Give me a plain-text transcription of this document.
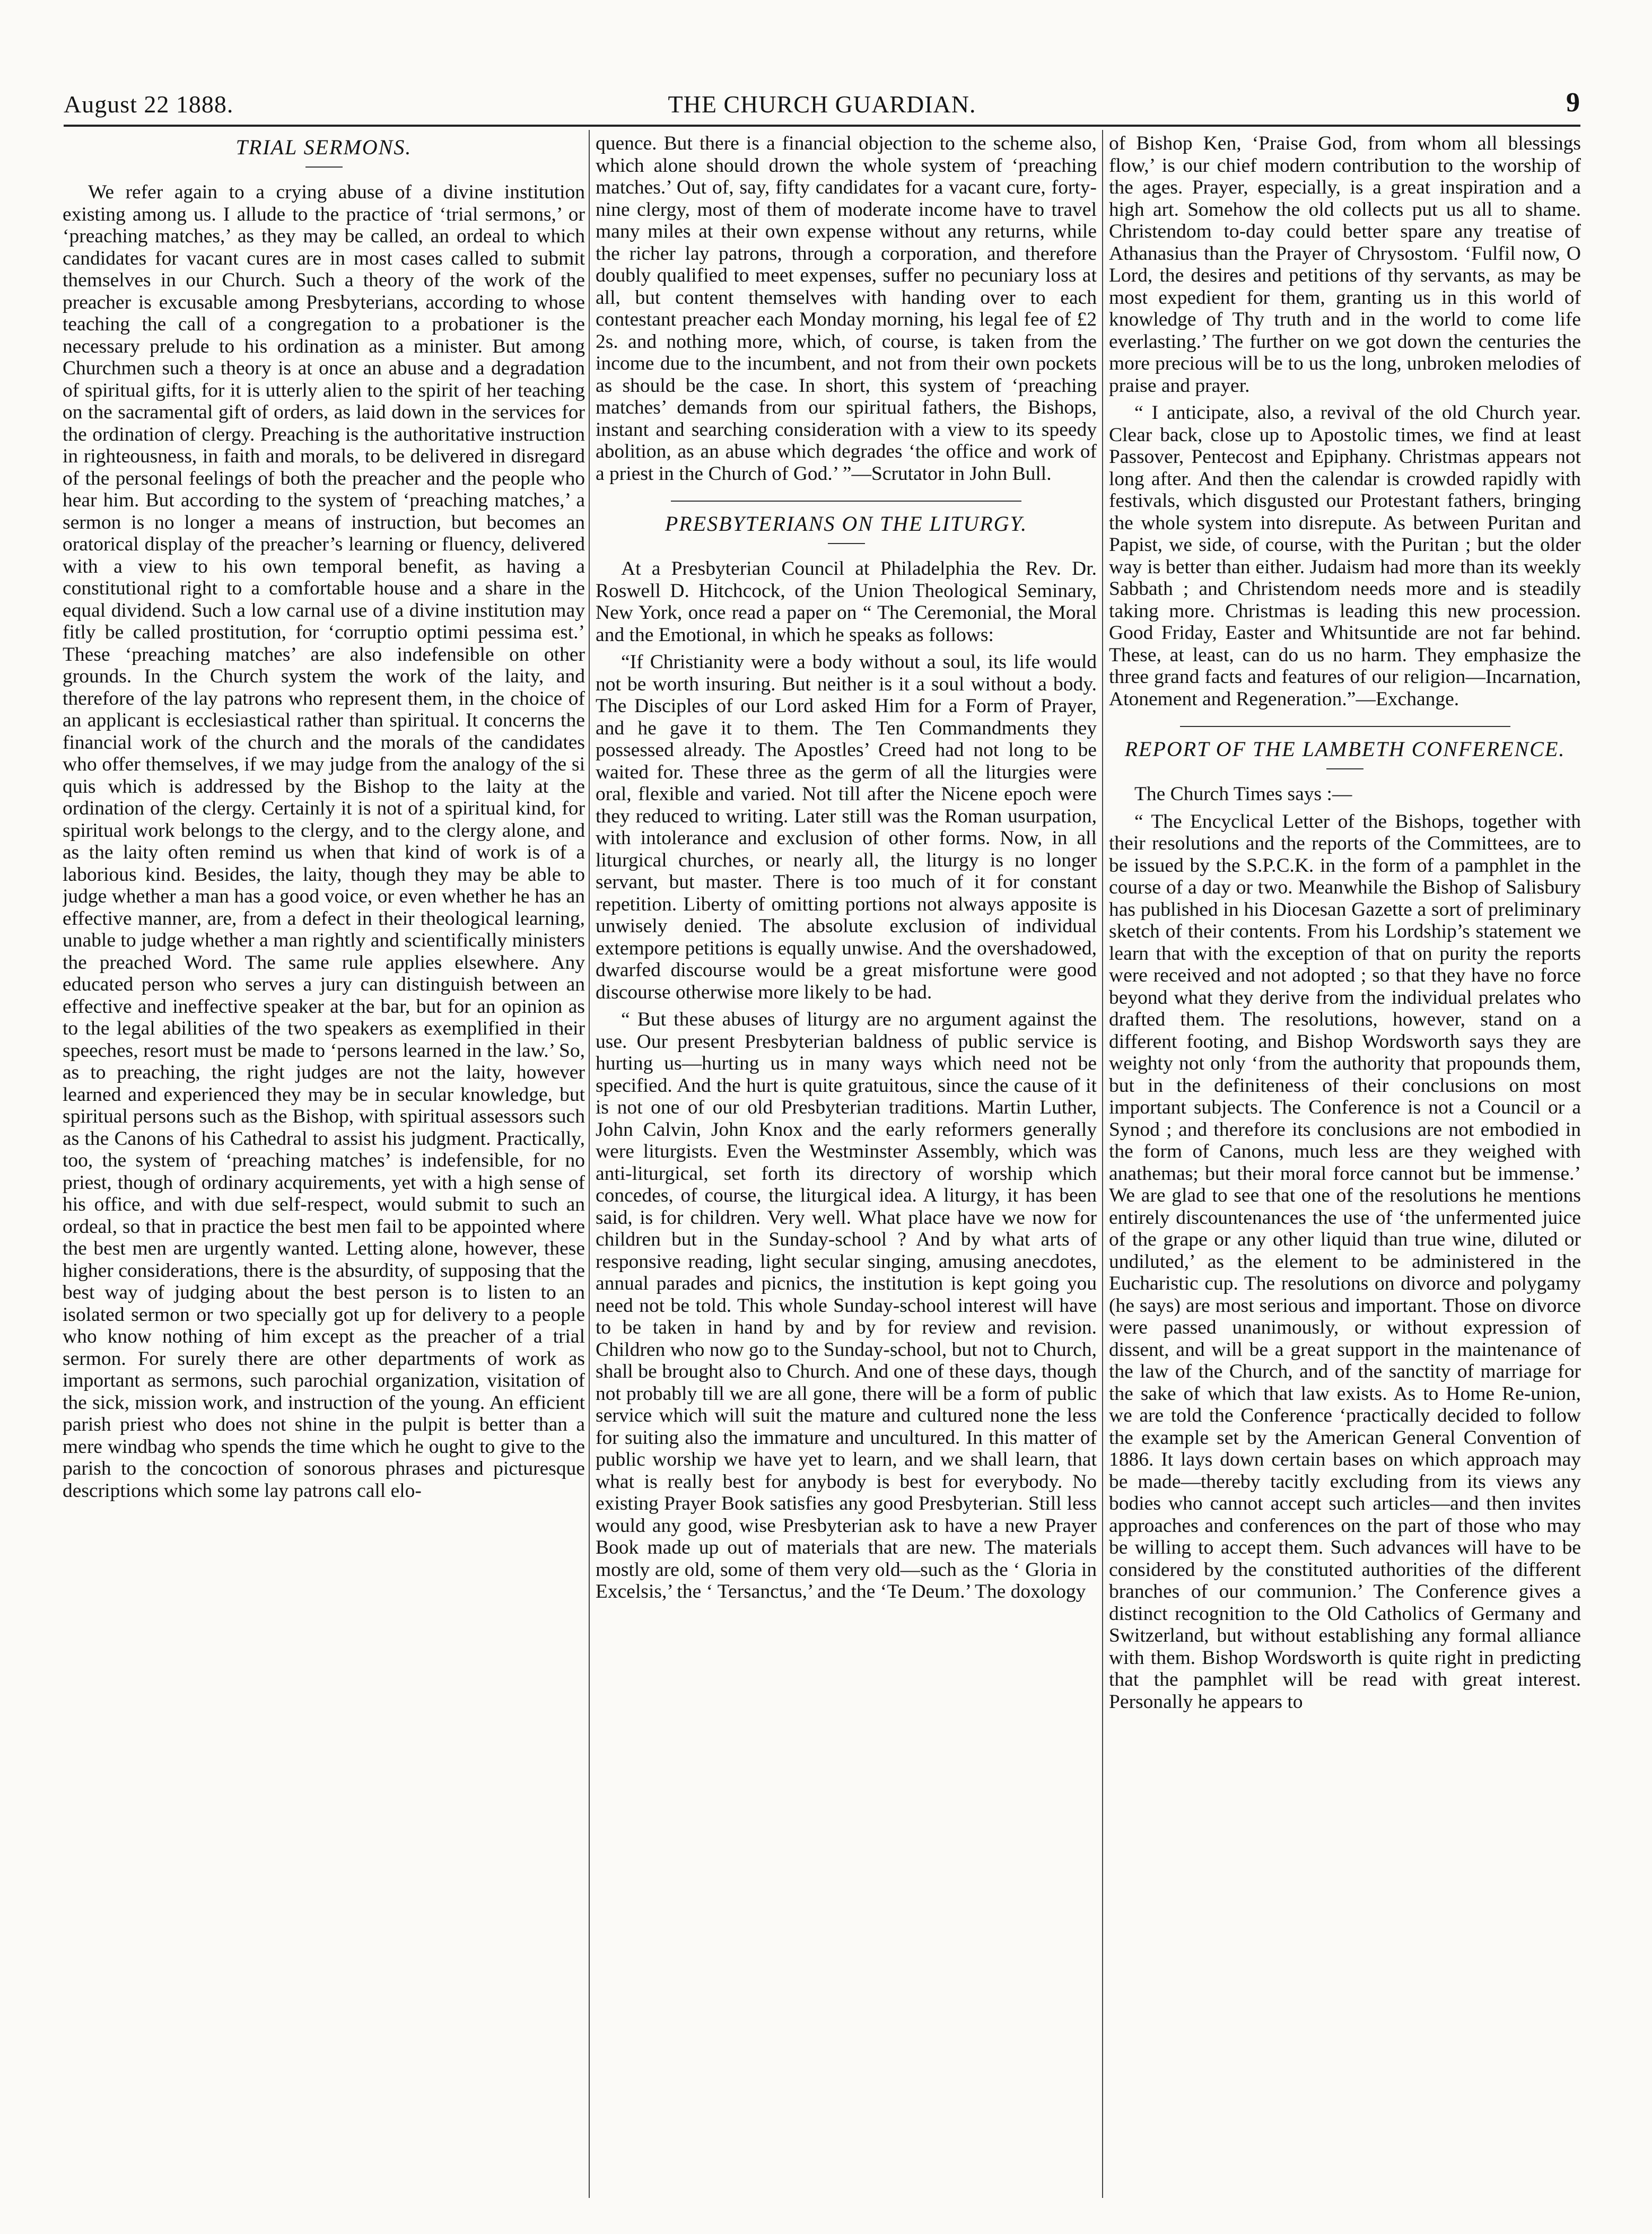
August 22 1888.	THE CHURCH GUARDIAN.	9
TRIAL SERMONS.

We refer again to a crying abuse of a divine institution existing among us. I allude to the practice of ‘trial sermons,’ or ‘preaching matches,’ as they may be called, an ordeal to which candidates for vacant cures are in most cases called to submit themselves in our Church. Such a theory of the work of the preacher is excusable among Presbyterians, according to whose teaching the call of a congregation to a probationer is the necessary prelude to his ordination as a minister. But among Churchmen such a theory is at once an abuse and a degradation of spiritual gifts, for it is utterly alien to the spirit of her teaching on the sacramental gift of orders, as laid down in the services for the ordination of clergy. Preaching is the authoritative instruction in righteousness, in faith and morals, to be delivered in disregard of the personal feelings of both the preacher and the people who hear him. But according to the system of ‘preaching matches,’ a sermon is no longer a means of instruction, but becomes an oratorical display of the preacher’s learning or fluency, delivered with a view to his own temporal benefit, as having a constitutional right to a comfortable house and a share in the equal dividend. Such a low carnal use of a divine institution may fitly be called prostitution, for ‘corruptio optimi pessima est.’ These ‘preaching matches’ are also indefensible on other grounds. In the Church system the work of the laity, and therefore of the lay patrons who represent them, in the choice of an applicant is ecclesiastical rather than spiritual. It concerns the financial work of the church and the morals of the candidates who offer themselves, if we may judge from the analogy of the si quis which is addressed by the Bishop to the laity at the ordination of the clergy. Certainly it is not of a spiritual kind, for spiritual work belongs to the clergy, and to the clergy alone, and as the laity often remind us when that kind of work is of a laborious kind. Besides, the laity, though they may be able to judge whether a man has a good voice, or even whether he has an effective manner, are, from a defect in their theological learning, unable to judge whether a man rightly and scientifically ministers the preached Word. The same rule applies elsewhere. Any educated person who serves a jury can distinguish between an effective and ineffective speaker at the bar, but for an opinion as to the legal abilities of the two speakers as exemplified in their speeches, resort must be made to ‘persons learned in the law.’ So, as to preaching, the right judges are not the laity, however learned and experienced they may be in secular knowledge, but spiritual persons such as the Bishop, with spiritual assessors such as the Canons of his Cathedral to assist his judgment. Practically, too, the system of ‘preaching matches’ is indefensible, for no priest, though of ordinary acquirements, yet with a high sense of his office, and with due self-respect, would submit to such an ordeal, so that in practice the best men fail to be appointed where the best men are urgently wanted. Letting alone, however, these higher considerations, there is the absurdity, of supposing that the best way of judging about the best person is to listen to an isolated sermon or two specially got up for delivery to a people who know nothing of him except as the preacher of a trial sermon. For surely there are other departments of work as important as sermons, such parochial organization, visitation of the sick, mission work, and instruction of the young. An efficient parish priest who does not shine in the pulpit is better than a mere windbag who spends the time which he ought to give to the parish to the concoction of sonorous phrases and picturesque descriptions which some lay patrons call elo-

quence. But there is a financial objection to the scheme also, which alone should drown the whole system of ‘preaching matches.’ Out of, say, fifty candidates for a vacant cure, forty-nine clergy, most of them of moderate income have to travel many miles at their own expense without any returns, while the richer lay patrons, through a corporation, and therefore doubly qualified to meet expenses, suffer no pecuniary loss at all, but content themselves with handing over to each contestant preacher each Monday morning, his legal fee of £2 2s. and nothing more, which, of course, is taken from the income due to the incumbent, and not from their own pockets as should be the case. In short, this system of ‘preaching matches’ demands from our spiritual fathers, the Bishops, instant and searching consideration with a view to its speedy abolition, as an abuse which degrades ‘the office and work of a priest in the Church of God.’ ”—Scrutator in John Bull.

PRESBYTERIANS ON THE LITURGY.

At a Presbyterian Council at Philadelphia the Rev. Dr. Roswell D. Hitchcock, of the Union Theological Seminary, New York, once read a paper on “ The Ceremonial, the Moral and the Emotional, in which he speaks as follows:

“If Christianity were a body without a soul, its life would not be worth insuring. But neither is it a soul without a body. The Disciples of our Lord asked Him for a Form of Prayer, and he gave it to them. The Ten Commandments they possessed already. The Apostles’ Creed had not long to be waited for. These three as the germ of all the liturgies were oral, flexible and varied. Not till after the Nicene epoch were they reduced to writing. Later still was the Roman usurpation, with intolerance and exclusion of other forms. Now, in all liturgical churches, or nearly all, the liturgy is no longer servant, but master. There is too much of it for constant repetition. Liberty of omitting portions not always apposite is unwisely denied. The absolute exclusion of individual extempore petitions is equally unwise. And the overshadowed, dwarfed discourse would be a great misfortune were good discourse otherwise more likely to be had.

“ But these abuses of liturgy are no argument against the use. Our present Presbyterian baldness of public service is hurting us—hurting us in many ways which need not be specified. And the hurt is quite gratuitous, since the cause of it is not one of our old Presbyterian traditions. Martin Luther, John Calvin, John Knox and the early reformers generally were liturgists. Even the Westminster Assembly, which was anti-liturgical, set forth its directory of worship which concedes, of course, the liturgical idea. A liturgy, it has been said, is for children. Very well. What place have we now for children but in the Sunday-school ? And by what arts of responsive reading, light secular singing, amusing anecdotes, annual parades and picnics, the institution is kept going you need not be told. This whole Sunday-school interest will have to be taken in hand by and by for review and revision. Children who now go to the Sunday-school, but not to Church, shall be brought also to Church. And one of these days, though not probably till we are all gone, there will be a form of public service which will suit the mature and cultured none the less for suiting also the immature and uncultured. In this matter of public worship we have yet to learn, and we shall learn, that what is really best for anybody is best for everybody. No existing Prayer Book satisfies any good Presbyterian. Still less would any good, wise Presbyterian ask to have a new Prayer Book made up out of materials that are new. The materials mostly are old, some of them very old—such as the ‘ Gloria in Excelsis,’ the ‘ Tersanctus,’ and the ‘Te Deum.’ The doxology

of Bishop Ken, ‘Praise God, from whom all blessings flow,’ is our chief modern contribution to the worship of the ages. Prayer, especially, is a great inspiration and a high art. Somehow the old collects put us all to shame. Christendom to-day could better spare any treatise of Athanasius than the Prayer of Chrysostom. ‘Fulfil now, O Lord, the desires and petitions of thy servants, as may be most expedient for them, granting us in this world of knowledge of Thy truth and in the world to come life everlasting.’ The further on we got down the centuries the more precious will be to us the long, unbroken melodies of praise and prayer.

“ I anticipate, also, a revival of the old Church year. Clear back, close up to Apostolic times, we find at least Passover, Pentecost and Epiphany. Christmas appears not long after. And then the calendar is crowded rapidly with festivals, which disgusted our Protestant fathers, bringing the whole system into disrepute. As between Puritan and Papist, we side, of course, with the Puritan ; but the older way is better than either. Judaism had more than its weekly Sabbath ; and Christendom needs more and is steadily taking more. Christmas is leading this new procession. Good Friday, Easter and Whitsuntide are not far behind. These, at least, can do us no harm. They emphasize the three grand facts and features of our religion—Incarnation, Atonement and Regeneration.”—Exchange.

REPORT OF THE LAMBETH CONFERENCE.

The Church Times says :—

“ The Encyclical Letter of the Bishops, together with their resolutions and the reports of the Committees, are to be issued by the S.P.C.K. in the form of a pamphlet in the course of a day or two. Meanwhile the Bishop of Salisbury has published in his Diocesan Gazette a sort of preliminary sketch of their contents. From his Lordship’s statement we learn that with the exception of that on purity the reports were received and not adopted ; so that they have no force beyond what they derive from the individual prelates who drafted them. The resolutions, however, stand on a different footing, and Bishop Wordsworth says they are weighty not only ‘from the authority that propounds them, but in the definiteness of their conclusions on most important subjects. The Conference is not a Council or a Synod ; and therefore its conclusions are not embodied in the form of Canons, much less are they weighed with anathemas; but their moral force cannot but be immense.’ We are glad to see that one of the resolutions he mentions entirely discountenances the use of ‘the unfermented juice of the grape or any other liquid than true wine, diluted or undiluted,’ as the element to be administered in the Eucharistic cup. The resolutions on divorce and polygamy (he says) are most serious and important. Those on divorce were passed unanimously, or without expression of dissent, and will be a great support in the maintenance of the law of the Church, and of the sanctity of marriage for the sake of which that law exists. As to Home Re-union, we are told the Conference ‘practically decided to follow the example set by the American General Convention of 1886. It lays down certain bases on which approach may be made—thereby tacitly excluding from its views any bodies who cannot accept such articles—and then invites approaches and conferences on the part of those who may be willing to accept them. Such advances will have to be considered by the constituted authorities of the different branches of our communion.’ The Conference gives a distinct recognition to the Old Catholics of Germany and Switzerland, but without establishing any formal alliance with them. Bishop Wordsworth is quite right in predicting that the pamphlet will be read with great interest. Personally he appears to
